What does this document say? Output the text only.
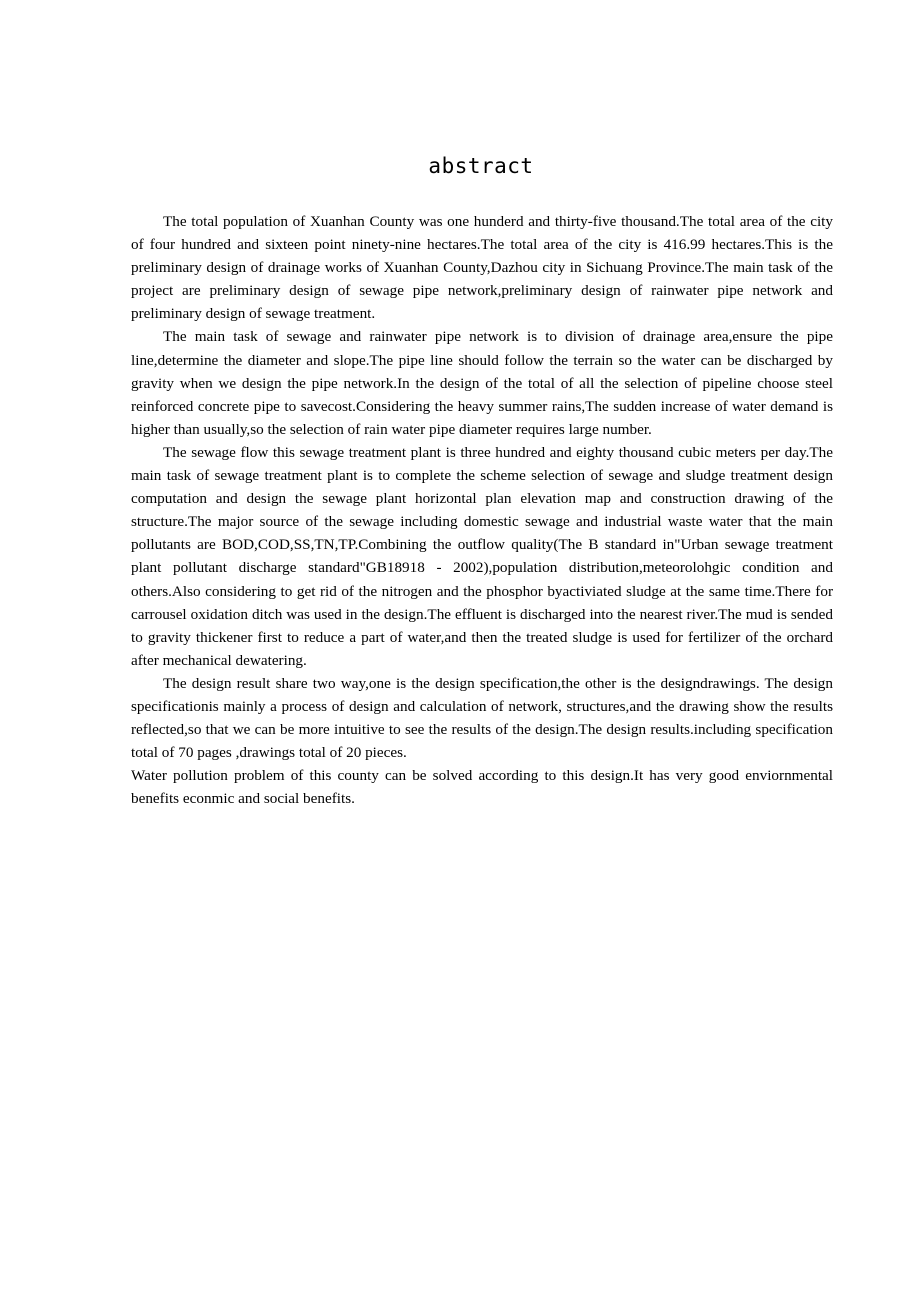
abstract

The total population of Xuanhan County was one hunderd and thirty-five thousand.The total area of the city of four hundred and sixteen point ninety-nine hectares.The total area of the city is 416.99 hectares.This is the preliminary design of drainage works of Xuanhan County,Dazhou city in Sichuang Province.The main task of the project are preliminary design of sewage pipe network,preliminary design of rainwater pipe network and preliminary design of sewage treatment.

The main task of sewage and rainwater pipe network is to division of drainage area,ensure the pipe line,determine the diameter and slope.The pipe line should follow the terrain so the water can be discharged by gravity when we design the pipe network.In the design of the total of all the selection of pipeline choose steel reinforced concrete pipe to savecost.Considering the heavy summer rains,The sudden increase of water demand is higher than usually,so the selection of rain water pipe diameter requires large number.

The sewage flow this sewage treatment plant is three hundred and eighty thousand cubic meters per day.The main task of sewage treatment plant is to complete the scheme selection of sewage and sludge treatment design computation and design the sewage plant horizontal plan elevation map and construction drawing of the structure.The major source of the sewage including domestic sewage and industrial waste water that the main pollutants are BOD,COD,SS,TN,TP.Combining the outflow quality(The B standard in"Urban sewage treatment plant pollutant discharge standard"GB18918 - 2002),population distribution,meteorolohgic condition and others.Also considering to get rid of the nitrogen and the phosphor byactiviated sludge at the same time.There for carrousel oxidation ditch was used in the design.The effluent is discharged into the nearest river.The mud is sended to gravity thickener first to reduce a part of water,and then the treated sludge is used for fertilizer of the orchard after mechanical dewatering.

The design result share two way,one is the design specification,the other is the designdrawings. The design specificationis mainly a process of design and calculation of network, structures,and the drawing show the results reflected,so that we can be more intuitive to see the results of the design.The design results.including specification total of 70 pages ,drawings total of 20 pieces.

Water pollution problem of this county can be solved according to this design.It has very good enviornmental benefits econmic and social benefits.
